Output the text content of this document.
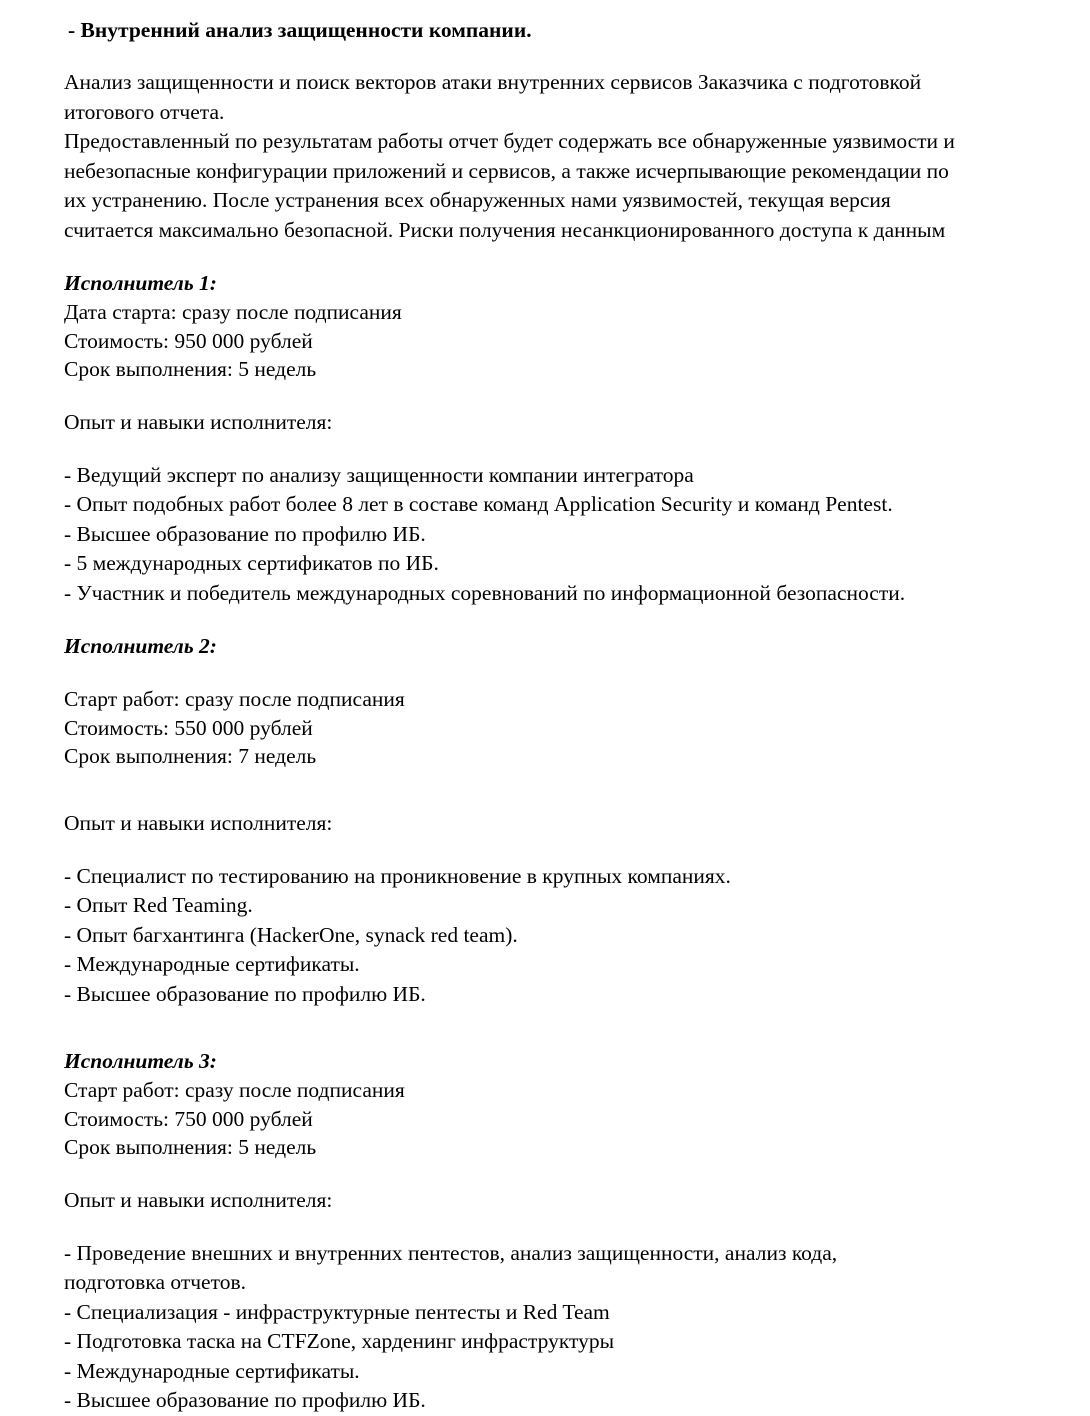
- Внутренний анализ защищенности компании.
Анализ защищенности и поиск векторов атаки внутренних сервисов Заказчика с подготовкой итогового отчета. Предоставленный по результатам работы отчет будет содержать все обнаруженные уязвимости и небезопасные конфигурации приложений и сервисов, а также исчерпывающие рекомендации по их устранению. После устранения всех обнаруженных нами уязвимостей, текущая версия считается максимально безопасной. Риски получения несанкционированного доступа к данным

Исполнитель 1:

Дата старта: сразу после подписания

Стоимость: 950 000 рублей

Срок выполнения: 5 недель

Опыт и навыки исполнителя:

- Ведущий эксперт по анализу защищенности компании интегратора
- Опыт подобных работ более 8 лет в составе команд Application Security и команд Pentest.
- Высшее образование по профилю ИБ.
- 5 международных сертификатов по ИБ.
- Участник и победитель международных соревнований по информационной безопасности.

Исполнитель 2:

Старт работ: сразу после подписания

Стоимость: 550 000 рублей

Срок выполнения: 7 недель

Опыт и навыки исполнителя:

- Специалист по тестированию на проникновение в крупных компаниях.
- Опыт Red Teaming.
- Опыт багхантинга (HackerOne, synack red team).
- Международные сертификаты.
- Высшее образование по профилю ИБ.

Исполнитель 3:

Старт работ: сразу после подписания

Стоимость: 750 000 рублей

Срок выполнения: 5 недель

Опыт и навыки исполнителя:

- Проведение внешних и внутренних пентестов, анализ защищенности, анализ кода,
подготовка отчетов.
- Специализация - инфраструктурные пентесты и Red Team
- Подготовка таска на CTFZone, харденинг инфраструктуры
- Международные сертификаты.
- Высшее образование по профилю ИБ.
